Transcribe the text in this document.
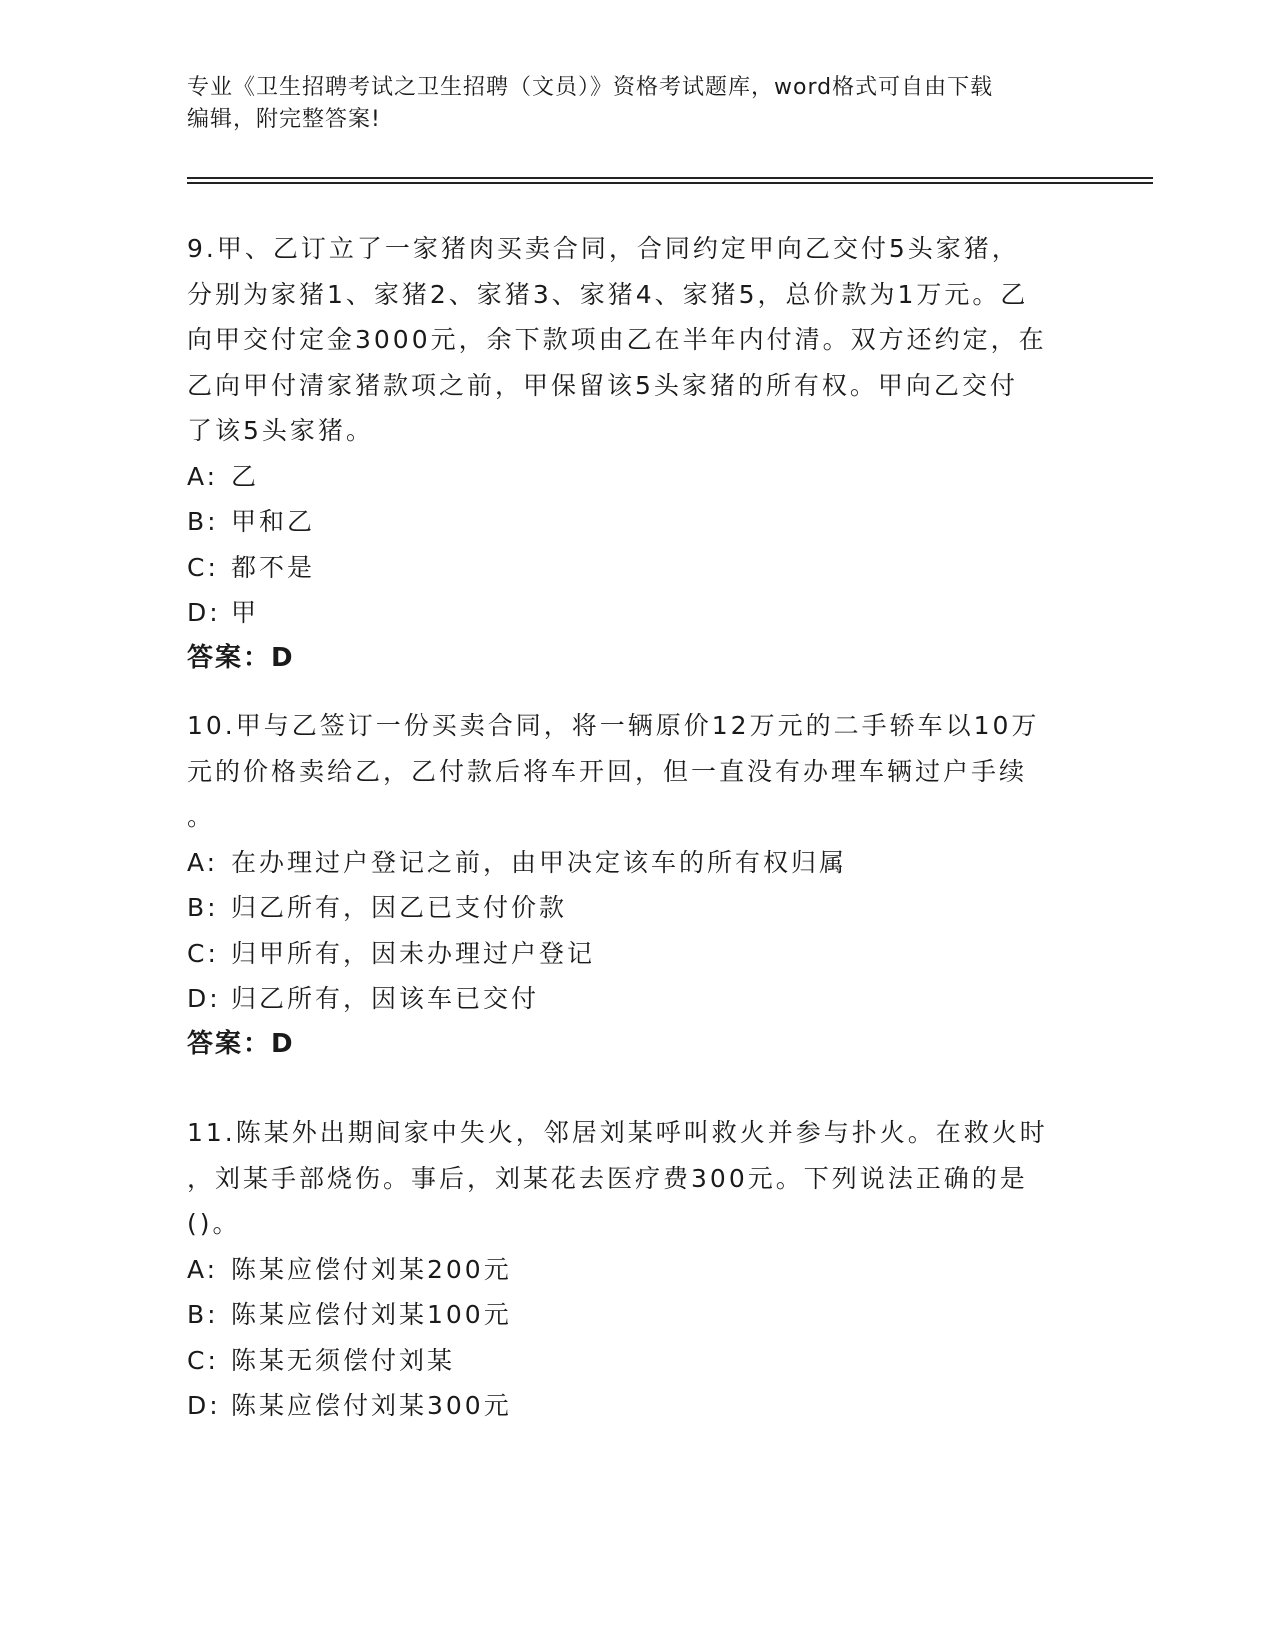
专业《卫生招聘考试之卫生招聘（文员）》资格考试题库，word格式可自由下载
编辑，附完整答案!

9.甲、乙订立了一家猪肉买卖合同，合同约定甲向乙交付5头家猪，

分别为家猪1、家猪2、家猪3、家猪4、家猪5，总价款为1万元。乙

向甲交付定金3000元，余下款项由乙在半年内付清。双方还约定，在

乙向甲付清家猪款项之前，甲保留该5头家猪的所有权。甲向乙交付

了该5头家猪。

A: 乙

B: 甲和乙

C: 都不是

D: 甲

答案：D

10.甲与乙签订一份买卖合同，将一辆原价12万元的二手轿车以10万

元的价格卖给乙，乙付款后将车开回，但一直没有办理车辆过户手续

。

A: 在办理过户登记之前，由甲决定该车的所有权归属

B: 归乙所有，因乙已支付价款

C: 归甲所有，因未办理过户登记

D: 归乙所有，因该车已交付

答案：D

11.陈某外出期间家中失火，邻居刘某呼叫救火并参与扑火。在救火时

，刘某手部烧伤。事后，刘某花去医疗费300元。下列说法正确的是

()。

A: 陈某应偿付刘某200元

B: 陈某应偿付刘某100元

C: 陈某无须偿付刘某

D: 陈某应偿付刘某300元
